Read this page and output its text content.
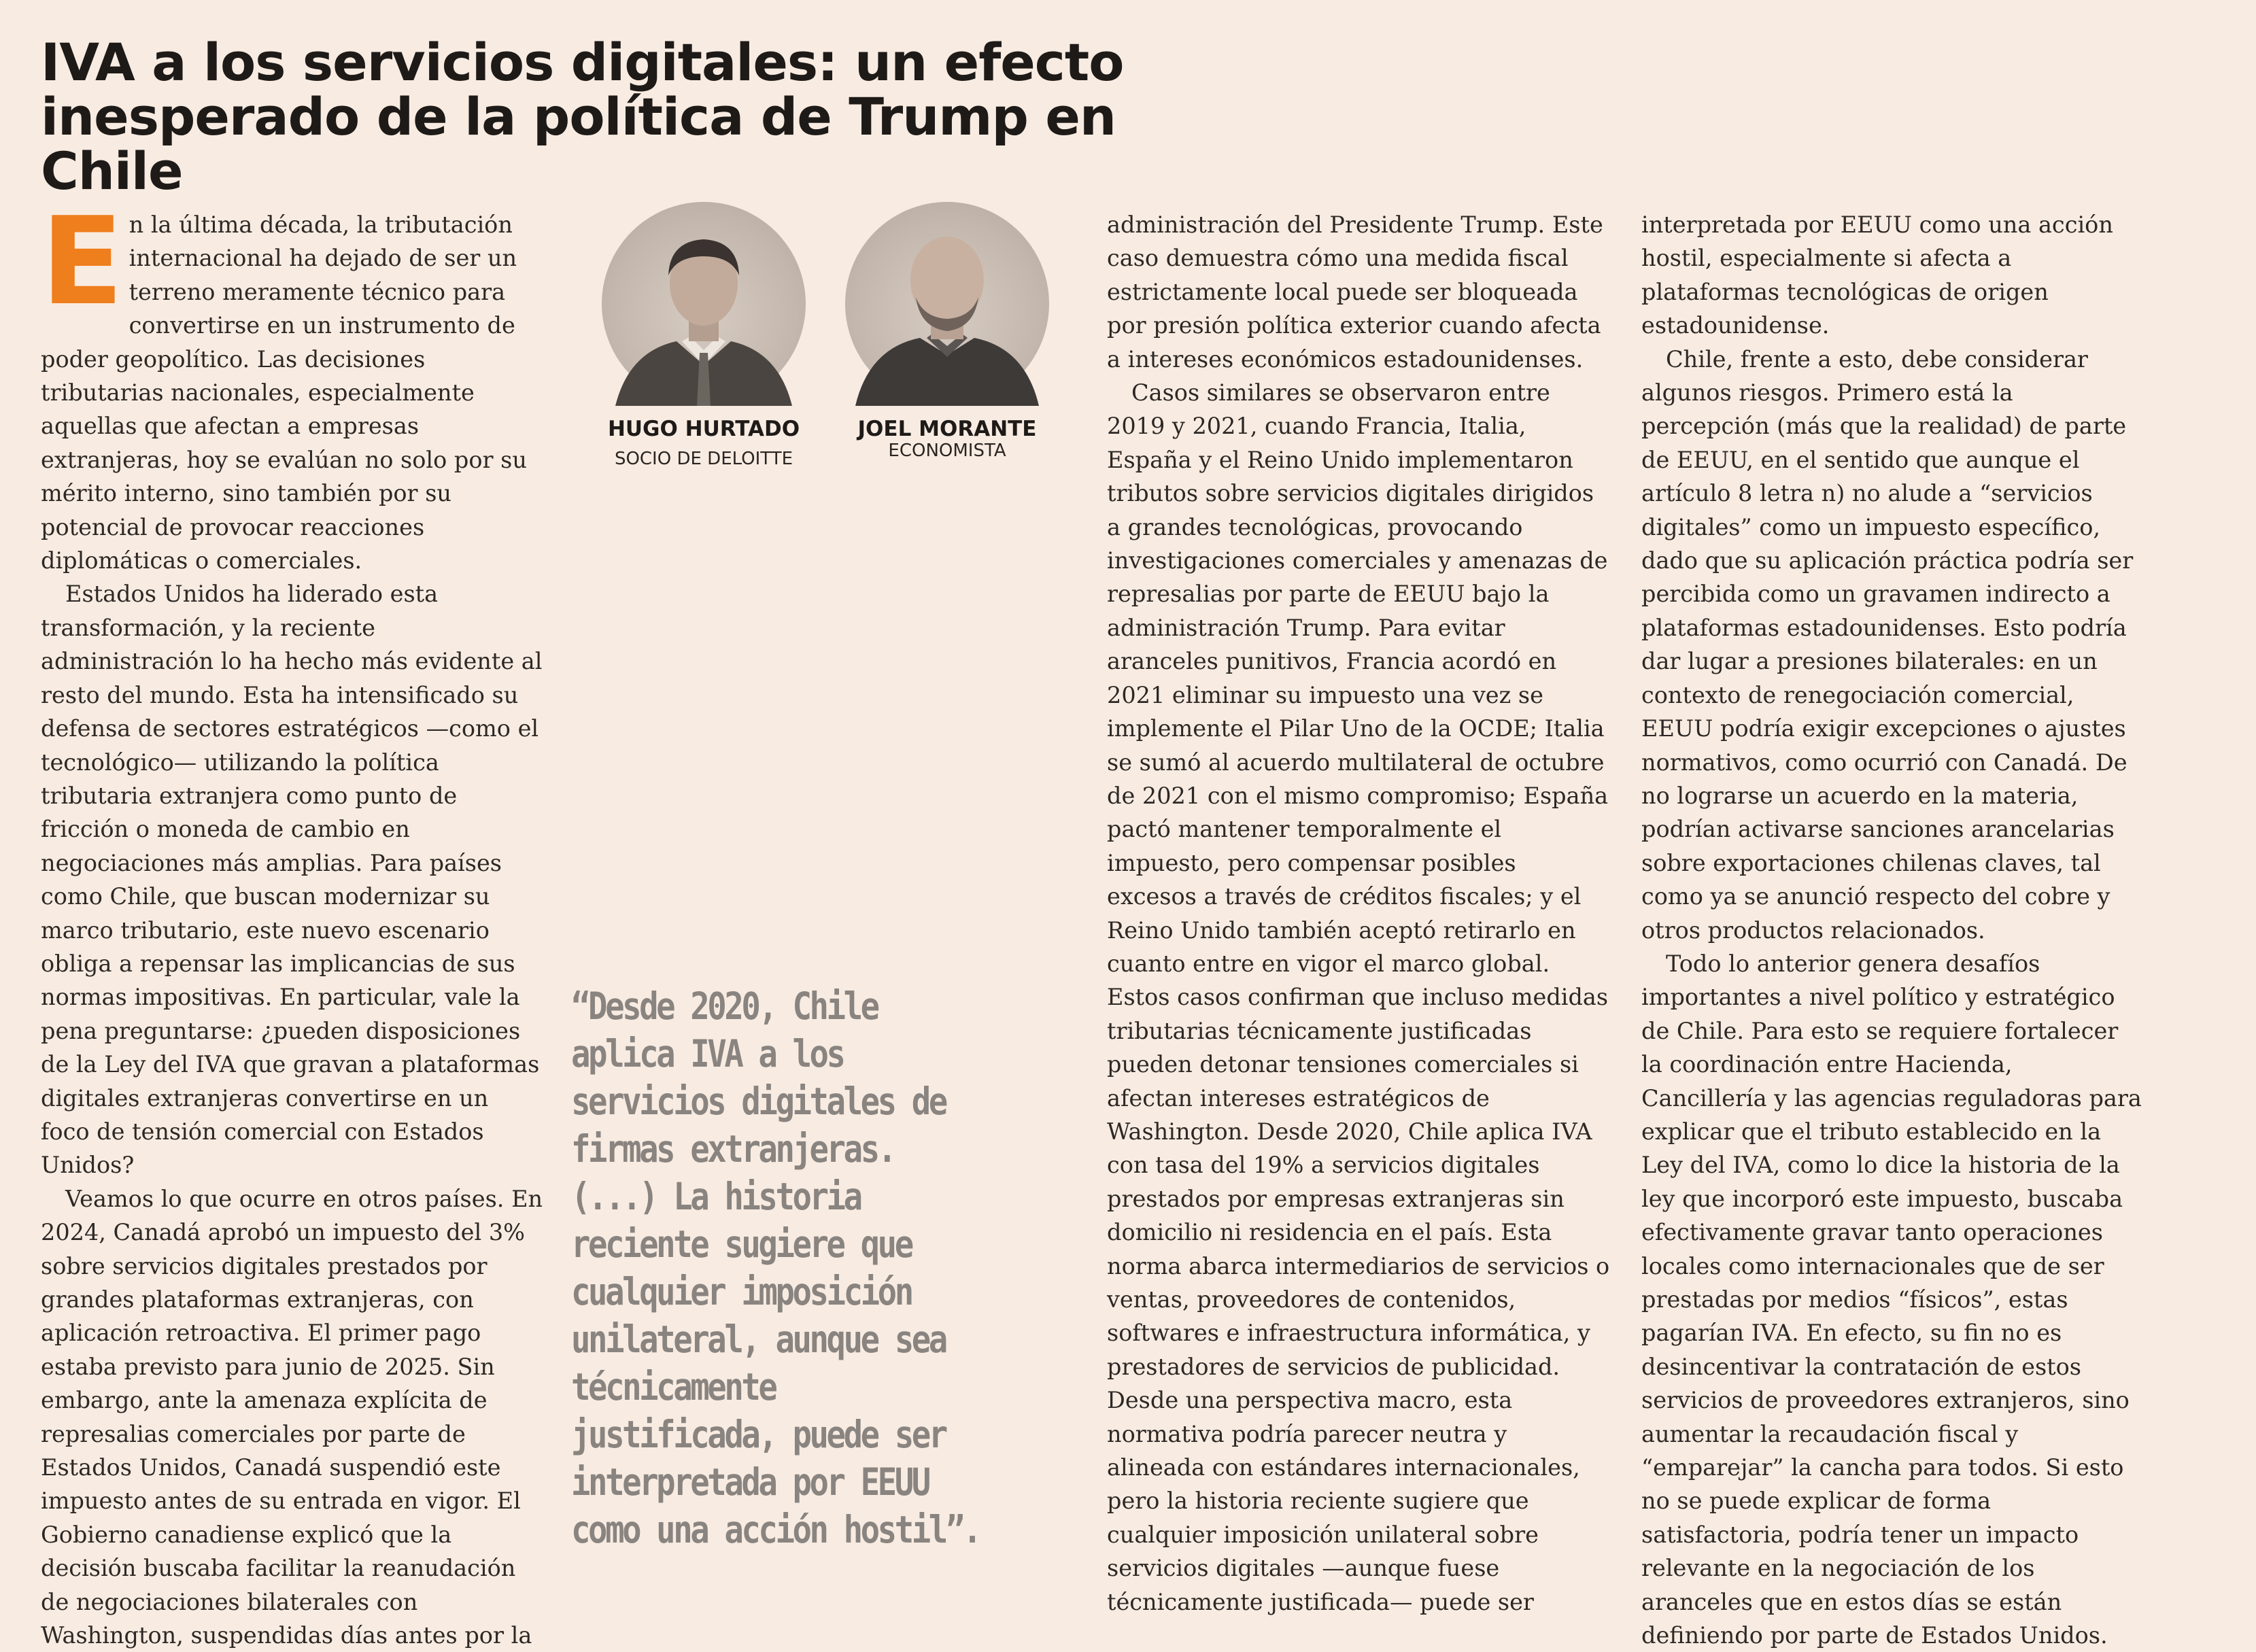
IVA a los servicios digitales: un efecto inesperado de la política de Trump en Chile

En la última década, la tributación internacional ha dejado de ser un terreno meramente técnico para convertirse en un instrumento de poder geopolítico. Las decisiones tributarias nacionales, especialmente aquellas que afectan a empresas extranjeras, hoy se evalúan no solo por su mérito interno, sino también por su potencial de provocar reacciones diplomáticas o comerciales.

Estados Unidos ha liderado esta transformación, y la reciente administración lo ha hecho más evidente al resto del mundo. Esta ha intensificado su defensa de sectores estratégicos —como el tecnológico— utilizando la política tributaria extranjera como punto de fricción o moneda de cambio en negociaciones más amplias. Para países como Chile, que buscan modernizar su marco tributario, este nuevo escenario obliga a repensar las implicancias de sus normas impositivas. En particular, vale la pena preguntarse: ¿pueden disposiciones de la Ley del IVA que gravan a plataformas digitales extranjeras convertirse en un foco de tensión comercial con Estados Unidos?

Veamos lo que ocurre en otros países. En 2024, Canadá aprobó un impuesto del 3% sobre servicios digitales prestados por grandes plataformas extranjeras, con aplicación retroactiva. El primer pago estaba previsto para junio de 2025. Sin embargo, ante la amenaza explícita de represalias comerciales por parte de Estados Unidos, Canadá suspendió este impuesto antes de su entrada en vigor. El Gobierno canadiense explicó que la decisión buscaba facilitar la reanudación de negociaciones bilaterales con Washington, suspendidas días antes por la

HUGO HURTADO
SOCIO DE DELOITTE
JOEL MORANTE
ECONOMISTA
“Desde 2020, Chile aplica IVA a los servicios digitales de firmas extranjeras. (...) La historia reciente sugiere que cualquier imposición unilateral, aunque sea técnicamente justificada, puede ser interpretada por EEUU como una acción hostil”.

administración del Presidente Trump. Este caso demuestra cómo una medida fiscal estrictamente local puede ser bloqueada por presión política exterior cuando afecta a intereses económicos estadounidenses.

Casos similares se observaron entre 2019 y 2021, cuando Francia, Italia, España y el Reino Unido implementaron tributos sobre servicios digitales dirigidos a grandes tecnológicas, provocando investigaciones comerciales y amenazas de represalias por parte de EEUU bajo la administración Trump. Para evitar aranceles punitivos, Francia acordó en 2021 eliminar su impuesto una vez se implemente el Pilar Uno de la OCDE; Italia se sumó al acuerdo multilateral de octubre de 2021 con el mismo compromiso; España pactó mantener temporalmente el impuesto, pero compensar posibles excesos a través de créditos fiscales; y el Reino Unido también aceptó retirarlo en cuanto entre en vigor el marco global. Estos casos confirman que incluso medidas tributarias técnicamente justificadas pueden detonar tensiones comerciales si afectan intereses estratégicos de Washington. Desde 2020, Chile aplica IVA con tasa del 19% a servicios digitales prestados por empresas extranjeras sin domicilio ni residencia en el país. Esta norma abarca intermediarios de servicios o ventas, proveedores de contenidos, softwares e infraestructura informática, y prestadores de servicios de publicidad. Desde una perspectiva macro, esta normativa podría parecer neutra y alineada con estándares internacionales, pero la historia reciente sugiere que cualquier imposición unilateral sobre servicios digitales —aunque fuese técnicamente justificada— puede ser

interpretada por EEUU como una acción hostil, especialmente si afecta a plataformas tecnológicas de origen estadounidense.

Chile, frente a esto, debe considerar algunos riesgos. Primero está la percepción (más que la realidad) de parte de EEUU, en el sentido que aunque el artículo 8 letra n) no alude a “servicios digitales” como un impuesto específico, dado que su aplicación práctica podría ser percibida como un gravamen indirecto a plataformas estadounidenses. Esto podría dar lugar a presiones bilaterales: en un contexto de renegociación comercial, EEUU podría exigir excepciones o ajustes normativos, como ocurrió con Canadá. De no lograrse un acuerdo en la materia, podrían activarse sanciones arancelarias sobre exportaciones chilenas claves, tal como ya se anunció respecto del cobre y otros productos relacionados.

Todo lo anterior genera desafíos importantes a nivel político y estratégico de Chile. Para esto se requiere fortalecer la coordinación entre Hacienda, Cancillería y las agencias reguladoras para explicar que el tributo establecido en la Ley del IVA, como lo dice la historia de la ley que incorporó este impuesto, buscaba efectivamente gravar tanto operaciones locales como internacionales que de ser prestadas por medios “físicos”, estas pagarían IVA. En efecto, su fin no es desincentivar la contratación de estos servicios de proveedores extranjeros, sino aumentar la recaudación fiscal y “emparejar” la cancha para todos. Si esto no se puede explicar de forma satisfactoria, podría tener un impacto relevante en la negociación de los aranceles que en estos días se están definiendo por parte de Estados Unidos.
